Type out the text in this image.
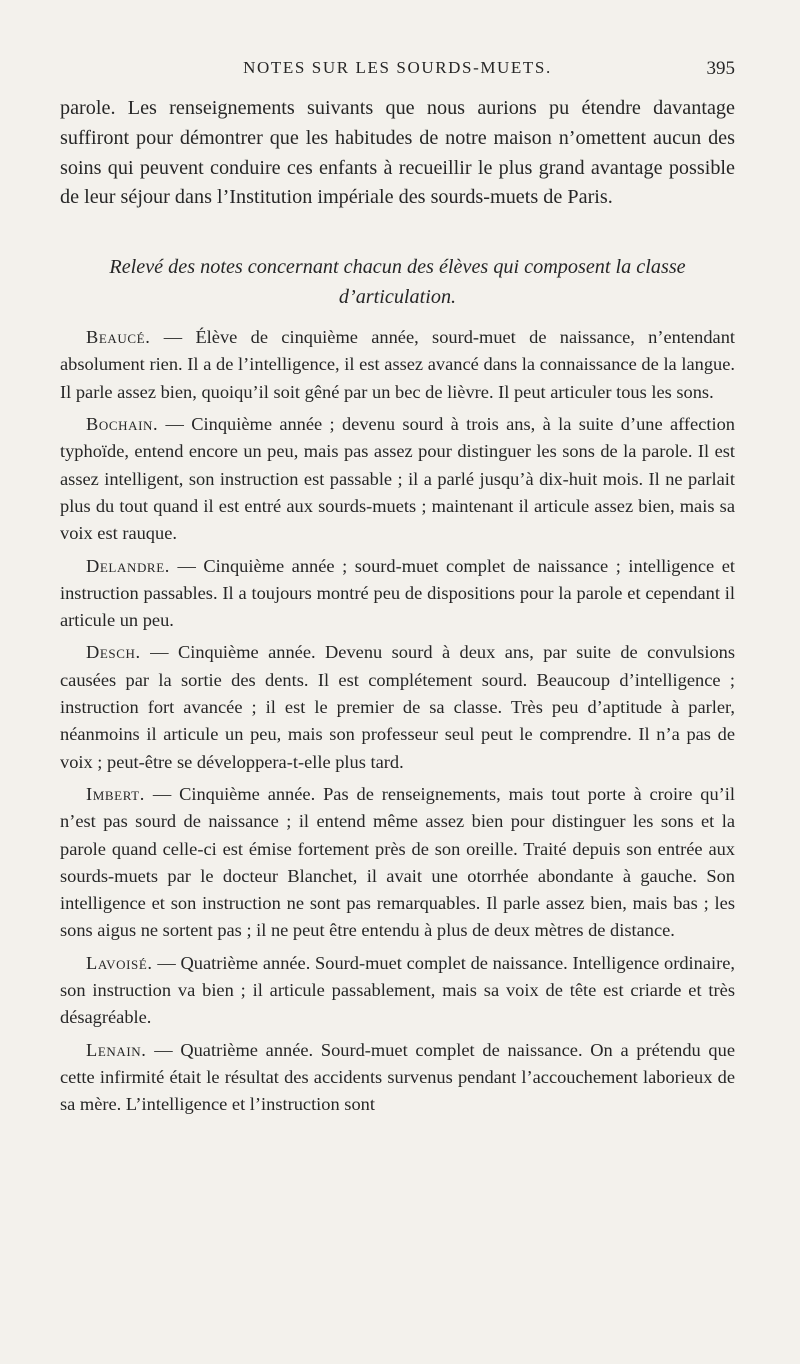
NOTES SUR LES SOURDS-MUETS.	395

parole. Les renseignements suivants que nous aurions pu étendre davantage suffiront pour démontrer que les habitudes de notre maison n’omettent aucun des soins qui peuvent conduire ces enfants à recueillir le plus grand avantage possible de leur séjour dans l’Institution impériale des sourds-muets de Paris.

Relevé des notes concernant chacun des élèves qui composent la classe d’articulation.

Beaucé. — Élève de cinquième année, sourd-muet de naissance, n’entendant absolument rien. Il a de l’intelligence, il est assez avancé dans la connaissance de la langue. Il parle assez bien, quoiqu’il soit gêné par un bec de lièvre. Il peut articuler tous les sons.

Bochain. — Cinquième année ; devenu sourd à trois ans, à la suite d’une affection typhoïde, entend encore un peu, mais pas assez pour distinguer les sons de la parole. Il est assez intelligent, son instruction est passable ; il a parlé jusqu’à dix-huit mois. Il ne parlait plus du tout quand il est entré aux sourds-muets ; maintenant il articule assez bien, mais sa voix est rauque.

Delandre. — Cinquième année ; sourd-muet complet de naissance ; intelligence et instruction passables. Il a toujours montré peu de dispositions pour la parole et cependant il articule un peu.

Desch. — Cinquième année. Devenu sourd à deux ans, par suite de convulsions causées par la sortie des dents. Il est complétement sourd. Beaucoup d’intelligence ; instruction fort avancée ; il est le premier de sa classe. Très peu d’aptitude à parler, néanmoins il articule un peu, mais son professeur seul peut le comprendre. Il n’a pas de voix ; peut-être se développera-t-elle plus tard.

Imbert. — Cinquième année. Pas de renseignements, mais tout porte à croire qu’il n’est pas sourd de naissance ; il entend même assez bien pour distinguer les sons et la parole quand celle-ci est émise fortement près de son oreille. Traité depuis son entrée aux sourds-muets par le docteur Blanchet, il avait une otorrhée abondante à gauche. Son intelligence et son instruction ne sont pas remarquables. Il parle assez bien, mais bas ; les sons aigus ne sortent pas ; il ne peut être entendu à plus de deux mètres de distance.

Lavoisé. — Quatrième année. Sourd-muet complet de naissance. Intelligence ordinaire, son instruction va bien ; il articule passablement, mais sa voix de tête est criarde et très désagréable.

Lenain. — Quatrième année. Sourd-muet complet de naissance. On a prétendu que cette infirmité était le résultat des accidents survenus pendant l’accouchement laborieux de sa mère. L’intelligence et l’instruction sont
